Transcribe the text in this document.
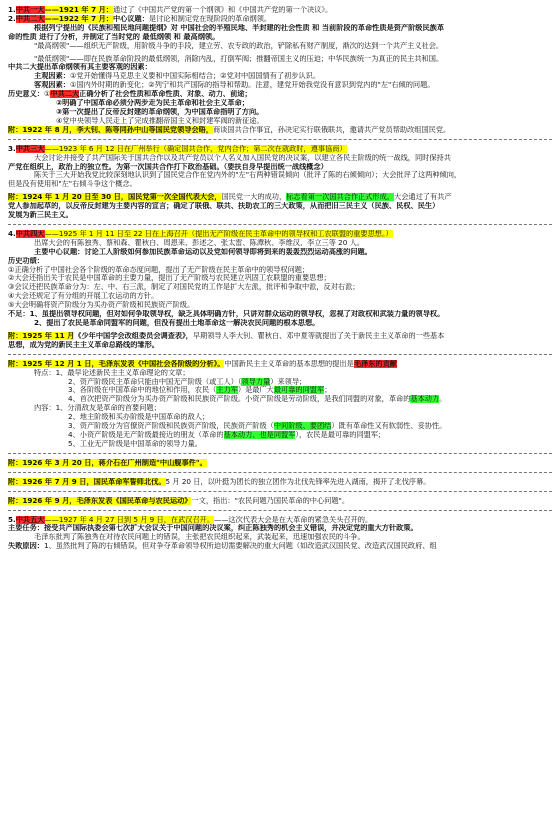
1.中共一大——1921 年 7 月：通过了《中国共产党的第一个纲领》和《中国共产党的第一个决议》。
2.中共二大——1922 年 7 月：中心议题：是讨论和制定党在现阶段的革命纲领。
根据列宁提出的《民族和殖民地问题提纲》对 中国社会的半殖民地、半封建的社会性质 和 当前阶段的革命性质是资产阶级民族革
命的性质 进行了分析，并制定了当时党的 最低纲领 和 最高纲领。
"最高纲领"——组织无产阶级，用阶级斗争的手段，建立劳、农专政的政治，铲除私有财产制度，渐次的达到一个共产主义社会。
"最低纲领"——即在民族革命阶段的最低纲领，消除内乱，打倒军阀；推翻帝国主义的压迫；中华民族统一为真正的民主共和国。
中共二大提出革命纲领有其主要客观的因素：
主观因素：①党开始懂得马克思主义要和中国实际相结合；②党对中国国情有了初步认识。
客观因素：①国内外时期的新变化；②列宁和共产国际的指导和帮助。注意，建党开始我党没有意识到党内的"左"右倾的问题。
历史意义：①中共二大正确分析了社会性质和革命性质、对象、动力、前途；
②明确了中国革命必须分两步走为民主革命和社会主义革命；
③第一次提出了反帝反封建的革命纲领，为中国革命指明了方向。
④党中央领导人民走上了完成推翻帝国主义和封建军阀的新征途。
附：1922 年 8 月，李大钊、陈等同孙中山等国民党领导会晤，商谈国共合作事宜，孙决定实行联俄联共，邀请共产党员帮助改组国民党。
3.中共三大——1923 年 6 月 12 日在广州举行（确定国共合作，党内合作；第二次在就政时，遵事協商）
大会讨论并接受了共产国际关于国共合作以及共产党员以个人名义加入国民党的决议案，以建立各民主阶级的统一战线，同时保持共
产党在组织上，政治上的独立性。为第一次国共合作打下政治基础。（要扶自身早提出统一战线概念）
陈关于三大开始我党比较深刻地认识到了国民党合作在党内外的"左"右两种错误倾向（批评了陈的右倾倾向）；大会批评了这两种倾向，
但是没有使用和"左"右倾斗争这个概念。
附：1924 年 1 月 20 日至 30 日，国民党第一次全国代表大会，国民党一大的成功，标志着第一次国共合作正式形成。大会通过了有共产
党人参加起草的，以反帝反封建为主要内容的宣言；确定了联俄、联共、扶助农工的三大政策，从而把旧三民主义（民族、民权、民生）
发展为新三民主义。
4.中共四大——1925 年 1 月 11 日至 22 日在上海召开（提出无产阶级在民主革命中的领导权和工农联盟的重要思想。）
出席大会的有陈独秀、蔡和森、瞿秋白、周恩来、彭述之、张太雷、陈潭秋、李维汉、李立三等 20 人。
主要中心议题：讨论工人阶级如何参加民族革命运动以及党如何领导即将到来的轰轰烈烈运动高涨的问题。
历史功绩：
①正确分析了中国社会各个阶级的革命态度问题，提出了无产阶级在民主革命中的领导权问题；
②大会还指出关于农民是中国革命的主要力量，提出了无产阶级与农民建立巩固工农联盟的重要思想；
③会议还把民族革命分为：左、中、右三派，制定了对国民党的工作是扩大左派，批评和争取中派，反对右派；
④大会还规定了有分组的开展工农运动的方针。
⑤大会明确将资产阶级分为买办资产阶级和民族资产阶级。
不足：1、虽提出领导权问题，但对如何争取领导权，缺乏具体明确方针，只讲对群众运动的领导权，忽视了对政权和武装力量的领导权。
2、提出了农民是革命同盟军的问题，但没有提出土地革命这一解决农民问题的根本思想。
附：1925 年 11 月《少年中国学会改组委员会调查表》，早期领导人李大钊、瞿秋白、邓中夏等就提出了关于新民主主义革命的一些基本
思想，成为党的新民主主义革命总路线的雏形。
附：1925 年 12 月 1 日，毛泽东发表《中国社会各阶级的分析》。中国新民主主义革命的基本思想的提出是毛泽东的贡献
特点：1、最早论述新民主主义革命理论的文章；
2、资产阶级民主革命只能由中国无产阶级（或工人）（领导力量）来领导；
3、各阶级在中国革命中的地位和作用，农民（主力军）是最广大最可靠的同盟军；
4、首次把资产阶级分为买办资产阶级和民族资产阶级。小资产阶级是劳动阶级，是我们同盟的对象，革命的基本动力。
内容：1、分清敌友是革命的首要问题；
2、地主阶级和买办阶级是中国革命的敌人；
3、资产阶级分为官僚资产阶级和民族资产阶级，民族资产阶级（中间阶级、要团结）既有革命性又有软弱性、妥协性。
4、小资产阶级是无产阶级最接近的朋友（革命的基本动力、也是同盟军），农民是最可靠的同盟军；
5、工业无产阶级是中国革命的领导力量。
附：1926 年 3 月 20 日，蒋介石在广州制造"中山舰事件"。
附：1926 年 7 月 9 日，国民革命军誓师北伐。5 月 20 日，以叶挺为团长的独立团作为北伐先锋率先进入湖南，揭开了北伐序幕。
附：1926 年 9 月，毛泽东发表《国民革命与农民运动》一文，指出："农民问题乃国民革命的中心问题"。
5.中共五大——1927 年 4 月 27 日到 5 月 9 日，在武汉召开。——这次代表大会是在大革命的紧急关头召开的。
主要任务：接受共产国际执委会第七次扩大会议关于中国问题的决议案，纠正陈独秀的机会主义错误，并决定党的重大方针政策。
毛泽东批判了陈独秀在对待农民问题上的错误，主张把农民组织起来，武装起来，迅速加强农民的斗争。
失败原因：1、虽然批判了陈的右倾错误，但对争夺革命领导权所迫切需要解决的重大问题（如改造武汉国民党、改造武汉国民政府、组
